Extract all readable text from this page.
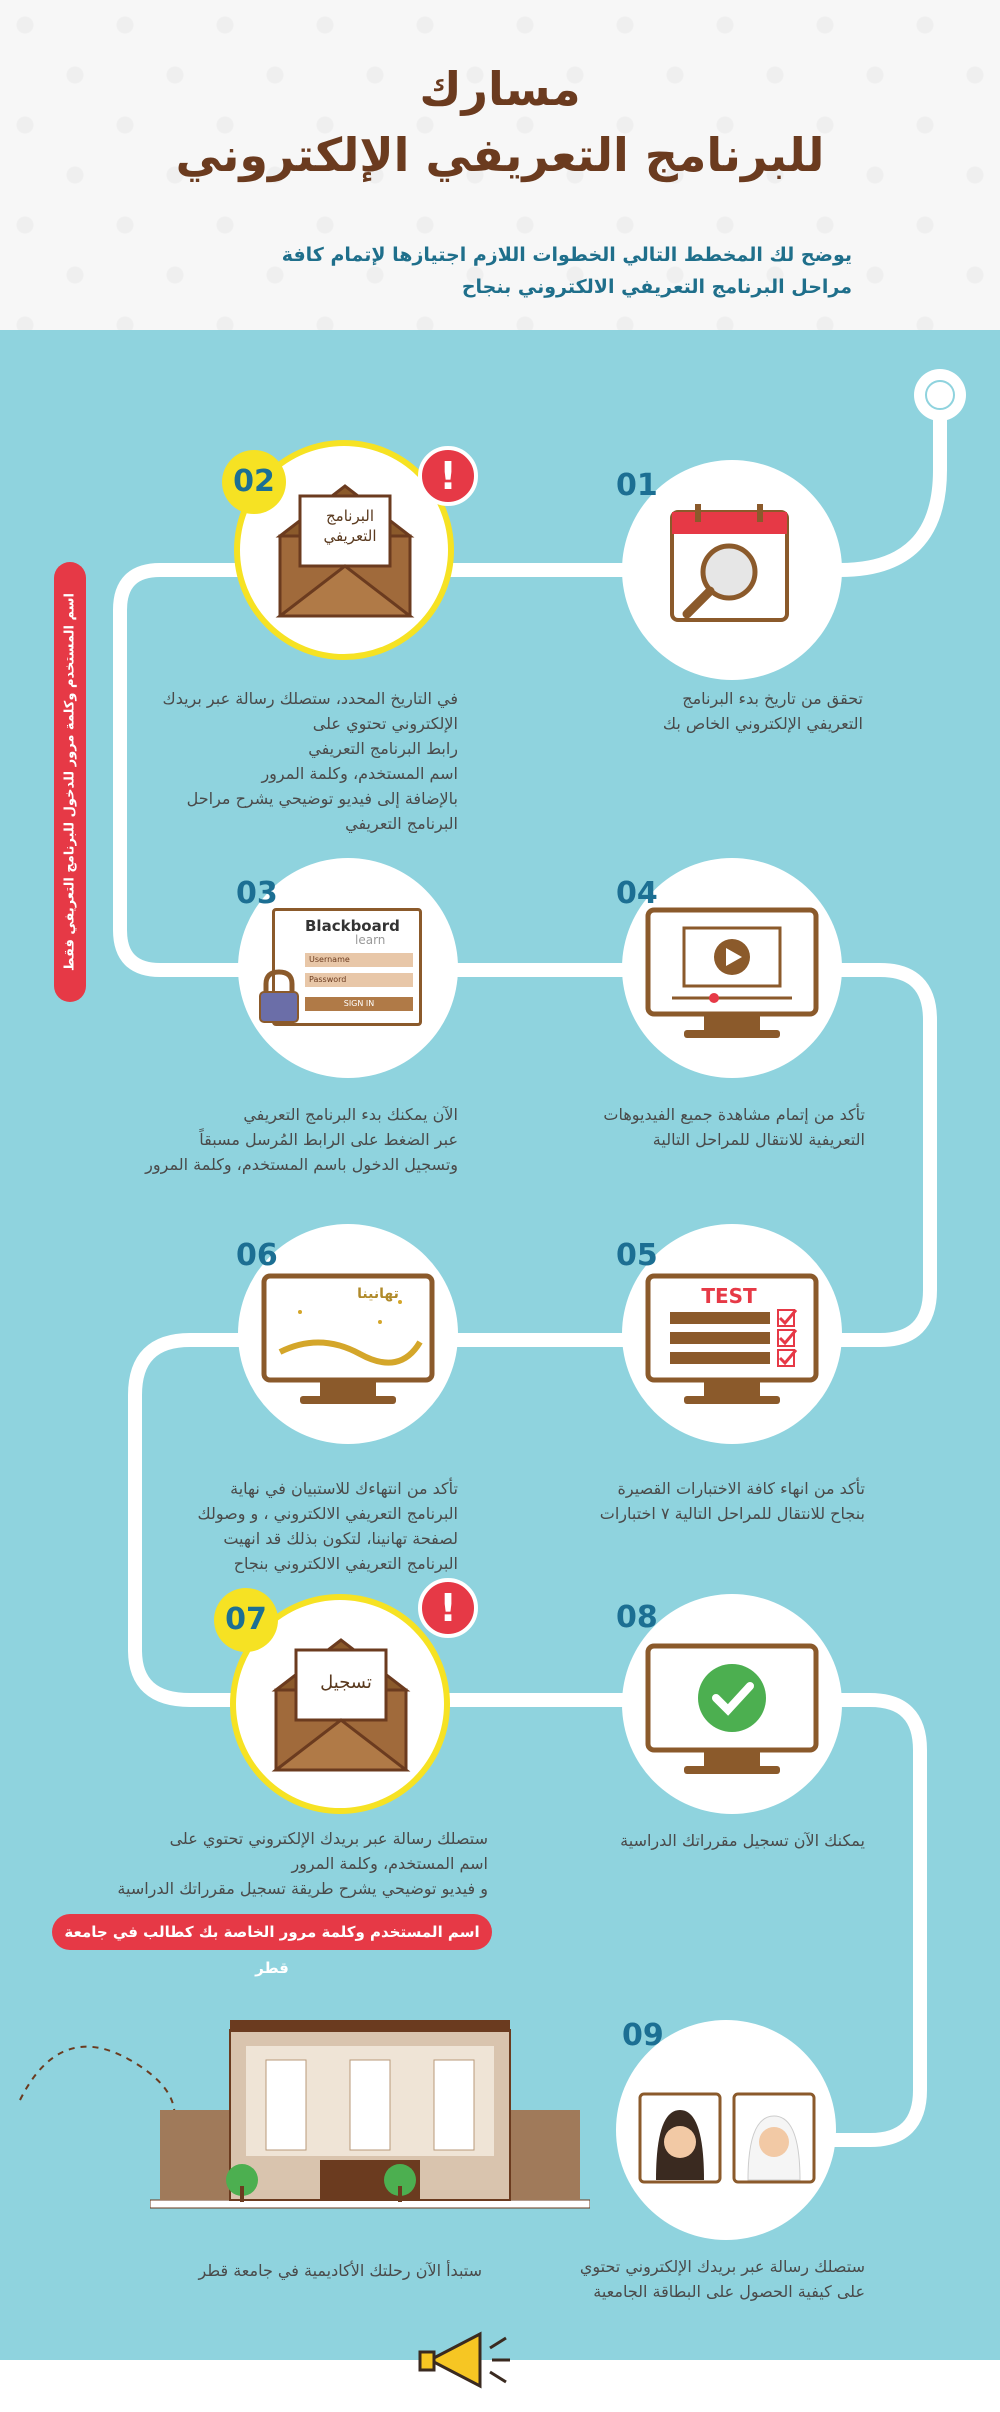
مسارك
للبرنامج التعريفي الإلكتروني
يوضح لك المخطط التالي الخطوات اللازم اجتيازها لإتمام كافة
مراحل البرنامج التعريفي الالكتروني بنجاح
اسم المستخدم وكلمة مرور للدخول للبرنامج التعريفي فقط
01
تحقق من تاريخ بدء البرنامج
التعريفي الإلكتروني الخاص بك
البرنامج التعريفي
02	!
في التاريخ المحدد، ستصلك رسالة عبر بريدك
الإلكتروني تحتوي على
رابط البرنامج التعريفي
اسم المستخدم، وكلمة المرور
بالإضافة إلى فيديو توضيحي يشرح مراحل
البرنامج التعريفي
Blackboard
learn
Username
Password
SIGN IN
03
الآن يمكنك بدء البرنامج التعريفي
عبر الضغط على الرابط المُرسل مسبقاً
وتسجيل الدخول باسم المستخدم، وكلمة المرور
04
تأكد من إتمام مشاهدة جميع الفيديوهات
التعريفية للانتقال للمراحل التالية
TEST
05
تأكد من انهاء كافة الاختبارات القصيرة
بنجاح للانتقال للمراحل التالية ٧ اختبارات
تهانينا
06
تأكد من انتهاءك للاستبيان في نهاية
البرنامج التعريفي الالكتروني ، و وصولك
لصفحة تهانينا، لتكون بذلك قد انهيت
البرنامج التعريفي الالكتروني بنجاح
تسجيل
07	!
ستصلك رسالة عبر بريدك الإلكتروني تحتوي على
اسم المستخدم، وكلمة المرور
و فيديو توضيحي يشرح طريقة تسجيل مقرراتك الدراسية
اسم المستخدم وكلمة مرور الخاصة بك كطالب في جامعة قطر
08
يمكنك الآن تسجيل مقرراتك الدراسية
09
ستصلك رسالة عبر بريدك الإلكتروني تحتوي
على كيفية الحصول على البطاقة الجامعية
ستبدأ الآن رحلتك الأكاديمية في جامعة قطر
